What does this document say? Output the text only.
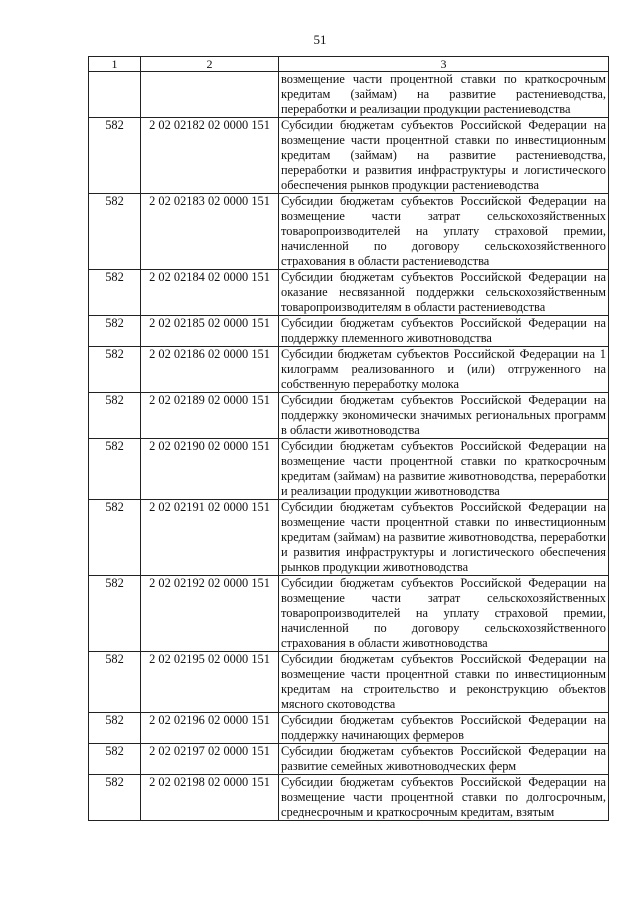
51
1	2	3
		возмещение части процентной ставки по краткосрочным кредитам (займам) на развитие растениеводства, переработки и реализации продукции растениеводства
582	2 02 02182 02 0000 151	Субсидии бюджетам субъектов Российской Федерации на возмещение части процентной ставки по инвестиционным кредитам (займам) на развитие растениеводства, переработки и развития инфраструктуры и логистического обеспечения рынков продукции растениеводства
582	2 02 02183 02 0000 151	Субсидии бюджетам субъектов Российской Федерации на возмещение части затрат сельскохозяйственных товаропроизводителей на уплату страховой премии, начисленной по договору сельскохозяйственного страхования в области растениеводства
582	2 02 02184 02 0000 151	Субсидии бюджетам субъектов Российской Федерации на оказание несвязанной поддержки сельскохозяйственным товаропроизводителям в области растениеводства
582	2 02 02185 02 0000 151	Субсидии бюджетам субъектов Российской Федерации на поддержку племенного животноводства
582	2 02 02186 02 0000 151	Субсидии бюджетам субъектов Российской Федерации на 1 килограмм реализованного и (или) отгруженного на собственную переработку молока
582	2 02 02189 02 0000 151	Субсидии бюджетам субъектов Российской Федерации на поддержку экономически значимых региональных программ в области животноводства
582	2 02 02190 02 0000 151	Субсидии бюджетам субъектов Российской Федерации на возмещение части процентной ставки по краткосрочным кредитам (займам) на развитие животноводства, переработки и реализации продукции животноводства
582	2 02 02191 02 0000 151	Субсидии бюджетам субъектов Российской Федерации на возмещение части процентной ставки по инвестиционным кредитам (займам) на развитие животноводства, переработки и развития инфраструктуры и логистического обеспечения рынков продукции животноводства
582	2 02 02192 02 0000 151	Субсидии бюджетам субъектов Российской Федерации на возмещение части затрат сельскохозяйственных товаропроизводителей на уплату страховой премии, начисленной по договору сельскохозяйственного страхования в области животноводства
582	2 02 02195 02 0000 151	Субсидии бюджетам субъектов Российской Федерации на возмещение части процентной ставки по инвестиционным кредитам на строительство и реконструкцию объектов мясного скотоводства
582	2 02 02196 02 0000 151	Субсидии бюджетам субъектов Российской Федерации на поддержку начинающих фермеров
582	2 02 02197 02 0000 151	Субсидии бюджетам субъектов Российской Федерации на развитие семейных животноводческих ферм
582	2 02 02198 02 0000 151	Субсидии бюджетам субъектов Российской Федерации на возмещение части процентной ставки по долгосрочным, среднесрочным и краткосрочным кредитам, взятым
